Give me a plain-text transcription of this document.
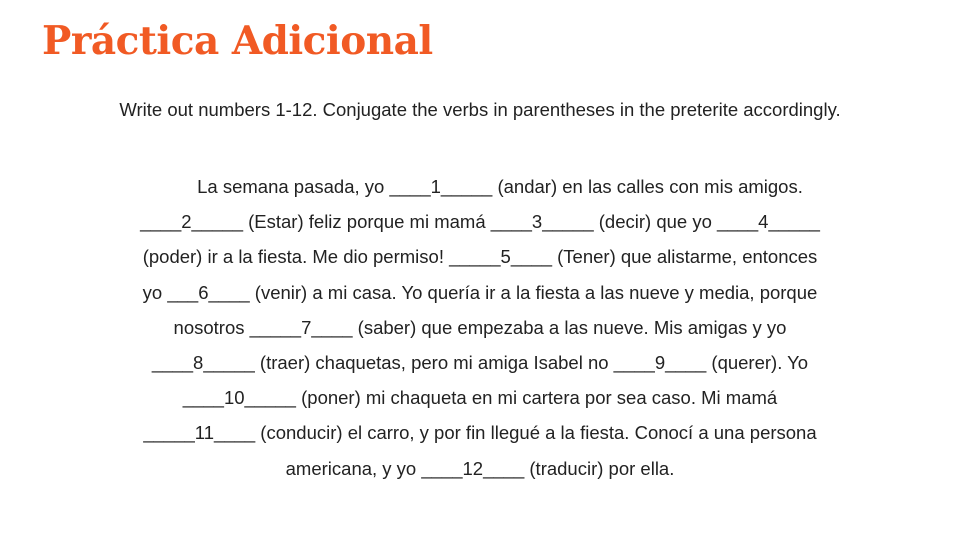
Práctica Adicional

Write out numbers 1-12. Conjugate the verbs in parentheses in the preterite accordingly.

La semana pasada, yo ____1_____ (andar) en las calles con mis amigos.
____2_____ (Estar) feliz porque mi mamá ____3_____ (decir) que yo ____4_____
(poder) ir a la fiesta. Me dio permiso! _____5____ (Tener) que alistarme, entonces
yo ___6____ (venir) a mi casa. Yo quería ir a la fiesta a las nueve y media, porque
nosotros _____7____ (saber) que empezaba a las nueve. Mis amigas y yo
____8_____ (traer) chaquetas, pero mi amiga Isabel no ____9____ (querer). Yo
____10_____ (poner) mi chaqueta en mi cartera por sea caso. Mi mamá
_____11____ (conducir) el carro, y por fin llegué a la fiesta. Conocí a una persona
americana, y yo ____12____ (traducir) por ella.
